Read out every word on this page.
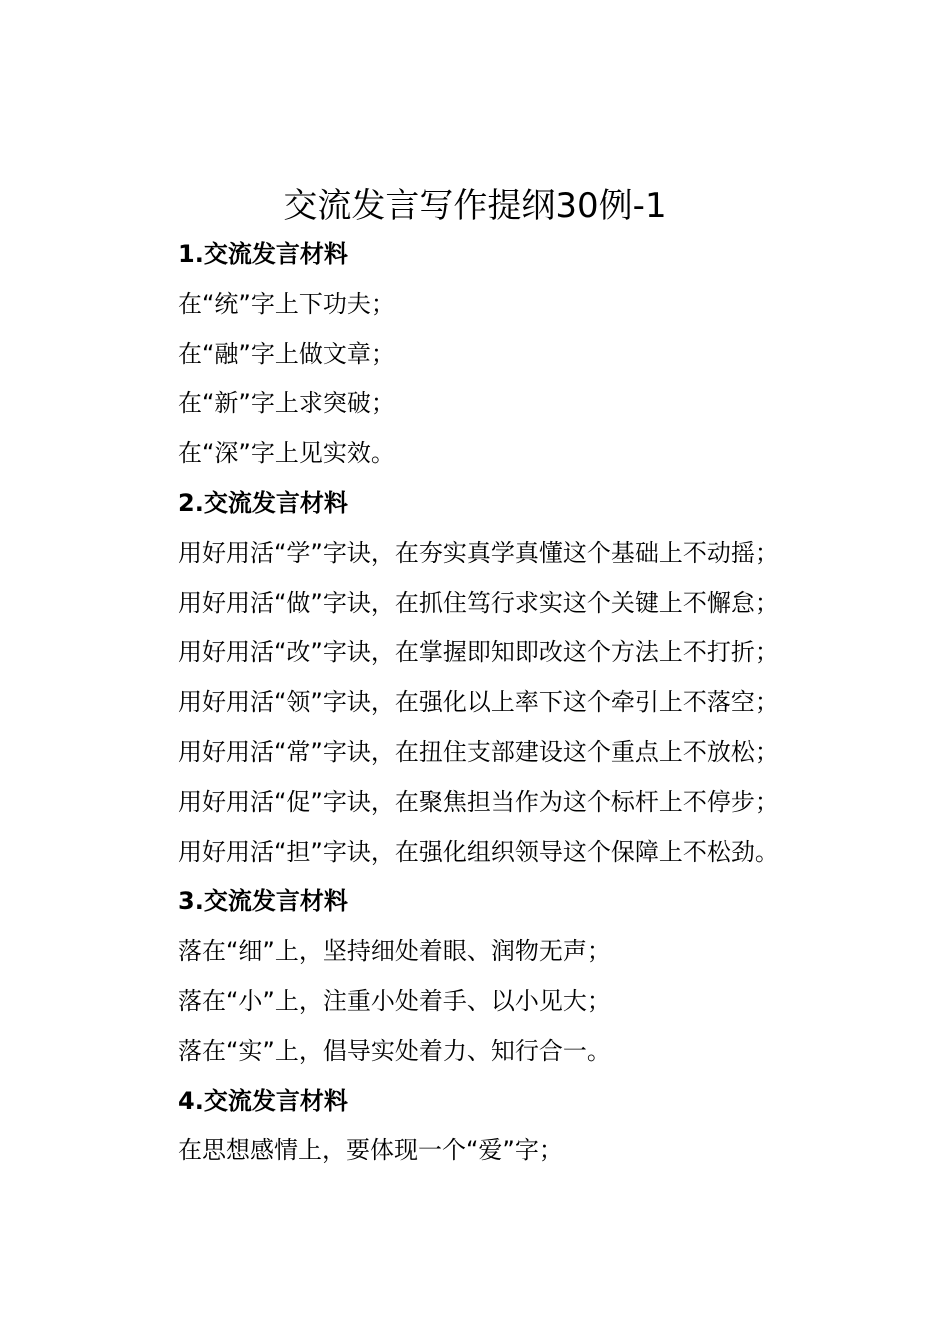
交流发言写作提纲30例-1

1.交流发言材料

在“统”字上下功夫；

在“融”字上做文章；

在“新”字上求突破；

在“深”字上见实效。

2.交流发言材料

用好用活“学”字诀，在夯实真学真懂这个基础上不动摇；

用好用活“做”字诀，在抓住笃行求实这个关键上不懈怠；

用好用活“改”字诀，在掌握即知即改这个方法上不打折；

用好用活“领”字诀，在强化以上率下这个牵引上不落空；

用好用活“常”字诀，在扭住支部建设这个重点上不放松；

用好用活“促”字诀，在聚焦担当作为这个标杆上不停步；

用好用活“担”字诀，在强化组织领导这个保障上不松劲。

3.交流发言材料

落在“细”上，坚持细处着眼、润物无声；

落在“小”上，注重小处着手、以小见大；

落在“实”上，倡导实处着力、知行合一。

4.交流发言材料

在思想感情上，要体现一个“爱”字；
